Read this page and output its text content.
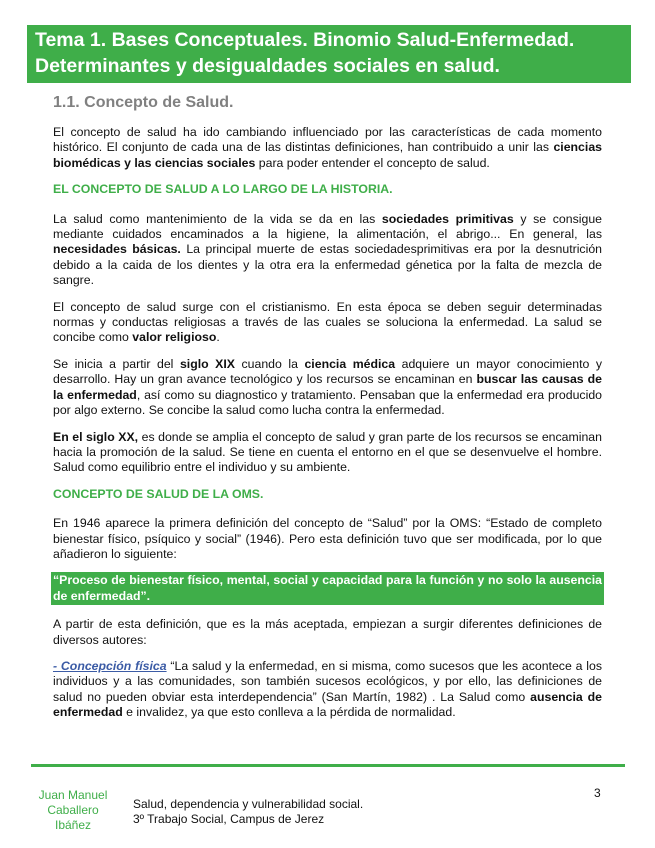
Tema 1. Bases Conceptuales. Binomio Salud-Enfermedad.
Determinantes y desigualdades sociales en salud.
1.1. Concepto de Salud.

El concepto de salud ha ido cambiando influenciado por las características de cada momento histórico. El conjunto de cada una de las distintas definiciones, han contribuido a unir las ciencias biomédicas y las ciencias sociales para poder entender el concepto de salud.

EL CONCEPTO DE SALUD A LO LARGO DE LA HISTORIA.

La salud como mantenimiento de la vida se da en las sociedades primitivas y se consigue mediante cuidados encaminados a la higiene, la alimentación, el abrigo... En general, las necesidades básicas. La principal muerte de estas sociedadesprimitivas era por la desnutrición debido a la caida de los dientes y la otra era la enfermedad génetica por la falta de mezcla de sangre.

El concepto de salud surge con el cristianismo. En esta época se deben seguir determinadas normas y conductas religiosas a través de las cuales se soluciona la enfermedad. La salud se concibe como valor religioso.

Se inicia a partir del siglo XIX cuando la ciencia médica adquiere un mayor conocimiento y desarrollo. Hay un gran avance tecnológico y los recursos se encaminan en buscar las causas de la enfermedad, así como su diagnostico y tratamiento. Pensaban que la enfermedad era producido por algo externo. Se concibe la salud como lucha contra la enfermedad.

En el siglo XX, es donde se amplia el concepto de salud y gran parte de los recursos se encaminan hacia la promoción de la salud. Se tiene en cuenta el entorno en el que se desenvuelve el hombre. Salud como equilibrio entre el individuo y su ambiente.

CONCEPTO DE SALUD DE LA OMS.

En 1946 aparece la primera definición del concepto de “Salud” por la OMS: “Estado de completo bienestar físico, psíquico y social” (1946). Pero esta definición tuvo que ser modificada, por lo que añadieron lo siguiente:

“Proceso de bienestar físico, mental, social y capacidad para la función y no solo la ausencia de enfermedad”.

A partir de esta definición, que es la más aceptada, empiezan a surgir diferentes definiciones de diversos autores:

- Concepción física “La salud y la enfermedad, en si misma, como sucesos que les acontece a los individuos y a las comunidades, son también sucesos ecológicos, y por ello, las definiciones de salud no pueden obviar esta interdependencia” (San Martín, 1982) . La Salud como ausencia de enfermedad e invalidez, ya que esto conlleva a la pérdida de normalidad.

3
Juan Manuel
Caballero
Ibáñez
Salud, dependencia y vulnerabilidad social.
3º Trabajo Social, Campus de Jerez
